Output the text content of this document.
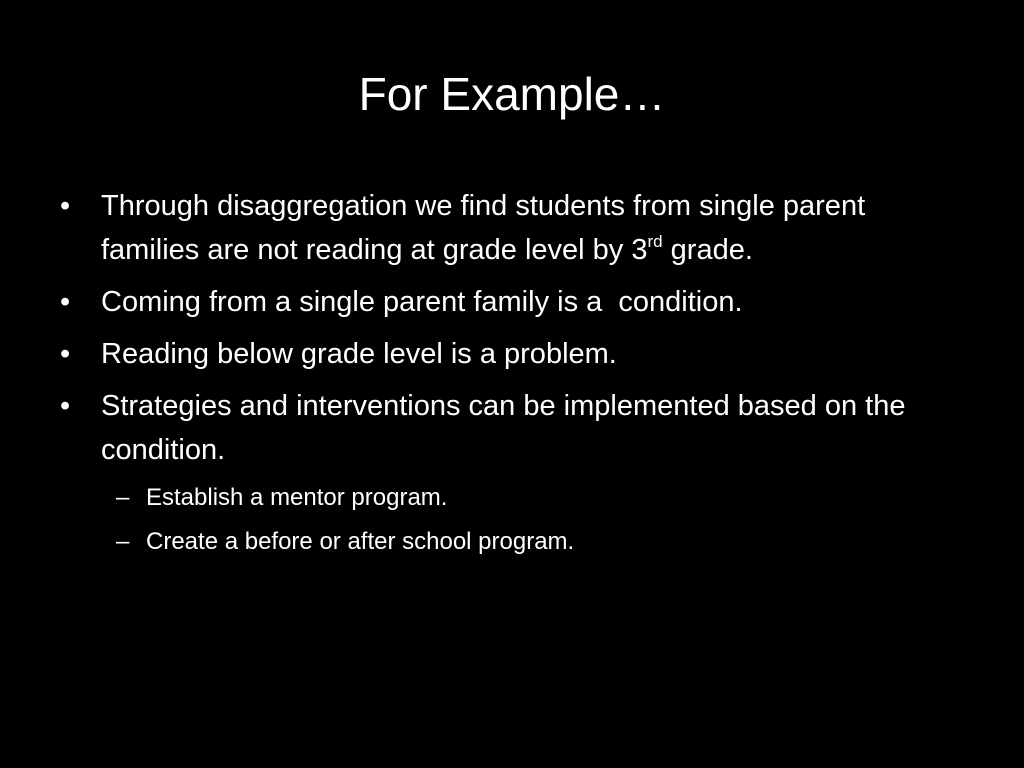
For Example…
• Through disaggregation we find students from single parent families are not reading at grade level by 3rd grade.
• Coming from a single parent family is a  condition.
• Reading below grade level is a problem.
• Strategies and interventions can be implemented based on the condition.
– Establish a mentor program.
– Create a before or after school program.
